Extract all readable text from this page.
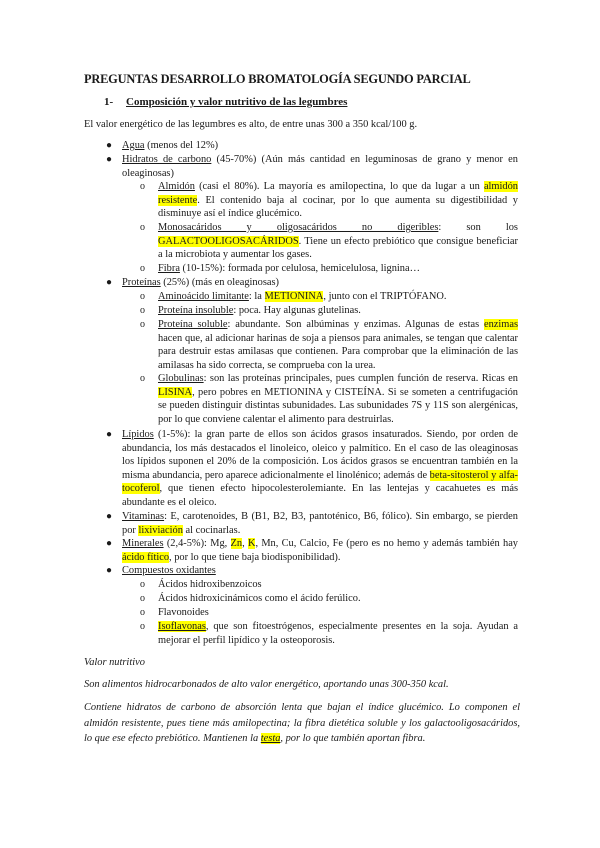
PREGUNTAS DESARROLLO BROMATOLOGÍA SEGUNDO PARCIAL
1- Composición y valor nutritivo de las legumbres
El valor energético de las legumbres es alto, de entre unas 300 a 350 kcal/100 g.
● Agua (menos del 12%)
● Hidratos de carbono (45-70%) (Aún más cantidad en leguminosas de grano y menor en oleaginosas)
o Almidón (casi el 80%). La mayoría es amilopectina, lo que da lugar a un almidón resistente. El contenido baja al cocinar, por lo que aumenta su digestibilidad y disminuye así el índice glucémico.
o Monosacáridos y oligosacáridos no digeribles: son los GALACTOOLIGOSACÁRIDOS. Tiene un efecto prebiótico que consigue beneficiar a la microbiota y aumentar los gases.
o Fibra (10-15%): formada por celulosa, hemicelulosa, lignina…
● Proteínas (25%) (más en oleaginosas)
o Aminoácido limitante: la METIONINA, junto con el TRIPTÓFANO.
o Proteína insoluble: poca. Hay algunas glutelinas.
o Proteína soluble: abundante. Son albúminas y enzimas. Algunas de estas enzimas hacen que, al adicionar harinas de soja a piensos para animales, se tengan que calentar para destruir estas amilasas que contienen. Para comprobar que la eliminación de las amilasas ha sido correcta, se comprueba con la urea.
o Globulinas: son las proteínas principales, pues cumplen función de reserva. Ricas en LISINA, pero pobres en METIONINA y CISTEÍNA. Si se someten a centrifugación se pueden distinguir distintas subunidades. Las subunidades 7S y 11S son alergénicas, por lo que conviene calentar el alimento para destruirlas.
● Lípidos (1-5%): la gran parte de ellos son ácidos grasos insaturados. Siendo, por orden de abundancia, los más destacados el linoleico, oleico y palmítico. En el caso de las oleaginosas los lípidos suponen el 20% de la composición. Los ácidos grasos se encuentran también en la misma abundancia, pero aparece adicionalmente el linolénico; además de beta-sitosterol y alfa-tocoferol, que tienen efecto hipocolesterolemiante. En las lentejas y cacahuetes es más abundante es el oleico.
● Vitaminas: E, carotenoides, B (B1, B2, B3, pantoténico, B6, fólico). Sin embargo, se pierden por lixiviación al cocinarlas.
● Minerales (2,4-5%): Mg, Zn, K, Mn, Cu, Calcio, Fe (pero es no hemo y además también hay ácido fítico, por lo que tiene baja biodisponibilidad).
● Compuestos oxidantes
o Ácidos hidroxibenzoicos
o Ácidos hidroxicinámicos como el ácido ferúlico.
o Flavonoides
o Isoflavonas, que son fitoestrógenos, especialmente presentes en la soja. Ayudan a mejorar el perfil lipídico y la osteoporosis.
Valor nutritivo
Son alimentos hidrocarbonados de alto valor energético, aportando unas 300-350 kcal.
Contiene hidratos de carbono de absorción lenta que bajan el índice glucémico. Lo componen el almidón resistente, pues tiene más amilopectina; la fibra dietética soluble y los galactooligosacáridos, lo que ese efecto prebiótico. Mantienen la testa, por lo que también aportan fibra.
